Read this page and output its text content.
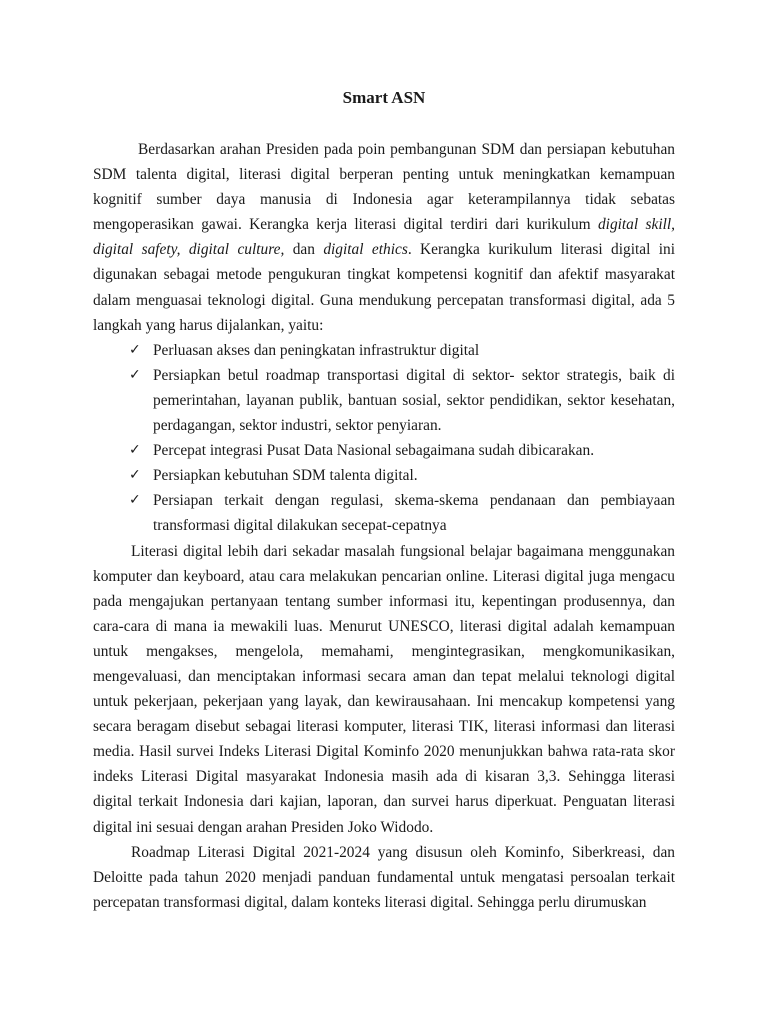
Smart ASN

Berdasarkan arahan Presiden pada poin pembangunan SDM dan persiapan kebutuhan SDM talenta digital, literasi digital berperan penting untuk meningkatkan kemampuan kognitif sumber daya manusia di Indonesia agar keterampilannya tidak sebatas mengoperasikan gawai. Kerangka kerja literasi digital terdiri dari kurikulum digital skill, digital safety, digital culture, dan digital ethics. Kerangka kurikulum literasi digital ini digunakan sebagai metode pengukuran tingkat kompetensi kognitif dan afektif masyarakat dalam menguasai teknologi digital. Guna mendukung percepatan transformasi digital, ada 5 langkah yang harus dijalankan, yaitu:

✓ Perluasan akses dan peningkatan infrastruktur digital
✓ Persiapkan betul roadmap transportasi digital di sektor- sektor strategis, baik di pemerintahan, layanan publik, bantuan sosial, sektor pendidikan, sektor kesehatan, perdagangan, sektor industri, sektor penyiaran.
✓ Percepat integrasi Pusat Data Nasional sebagaimana sudah dibicarakan.
✓ Persiapkan kebutuhan SDM talenta digital.
✓ Persiapan terkait dengan regulasi, skema-skema pendanaan dan pembiayaan transformasi digital dilakukan secepat-cepatnya

Literasi digital lebih dari sekadar masalah fungsional belajar bagaimana menggunakan komputer dan keyboard, atau cara melakukan pencarian online. Literasi digital juga mengacu pada mengajukan pertanyaan tentang sumber informasi itu, kepentingan produsennya, dan cara-cara di mana ia mewakili luas. Menurut UNESCO, literasi digital adalah kemampuan untuk mengakses, mengelola, memahami, mengintegrasikan, mengkomunikasikan, mengevaluasi, dan menciptakan informasi secara aman dan tepat melalui teknologi digital untuk pekerjaan, pekerjaan yang layak, dan kewirausahaan. Ini mencakup kompetensi yang secara beragam disebut sebagai literasi komputer, literasi TIK, literasi informasi dan literasi media. Hasil survei Indeks Literasi Digital Kominfo 2020 menunjukkan bahwa rata-rata skor indeks Literasi Digital masyarakat Indonesia masih ada di kisaran 3,3. Sehingga literasi digital terkait Indonesia dari kajian, laporan, dan survei harus diperkuat. Penguatan literasi digital ini sesuai dengan arahan Presiden Joko Widodo.

Roadmap Literasi Digital 2021-2024 yang disusun oleh Kominfo, Siberkreasi, dan Deloitte pada tahun 2020 menjadi panduan fundamental untuk mengatasi persoalan terkait percepatan transformasi digital, dalam konteks literasi digital. Sehingga perlu dirumuskan
